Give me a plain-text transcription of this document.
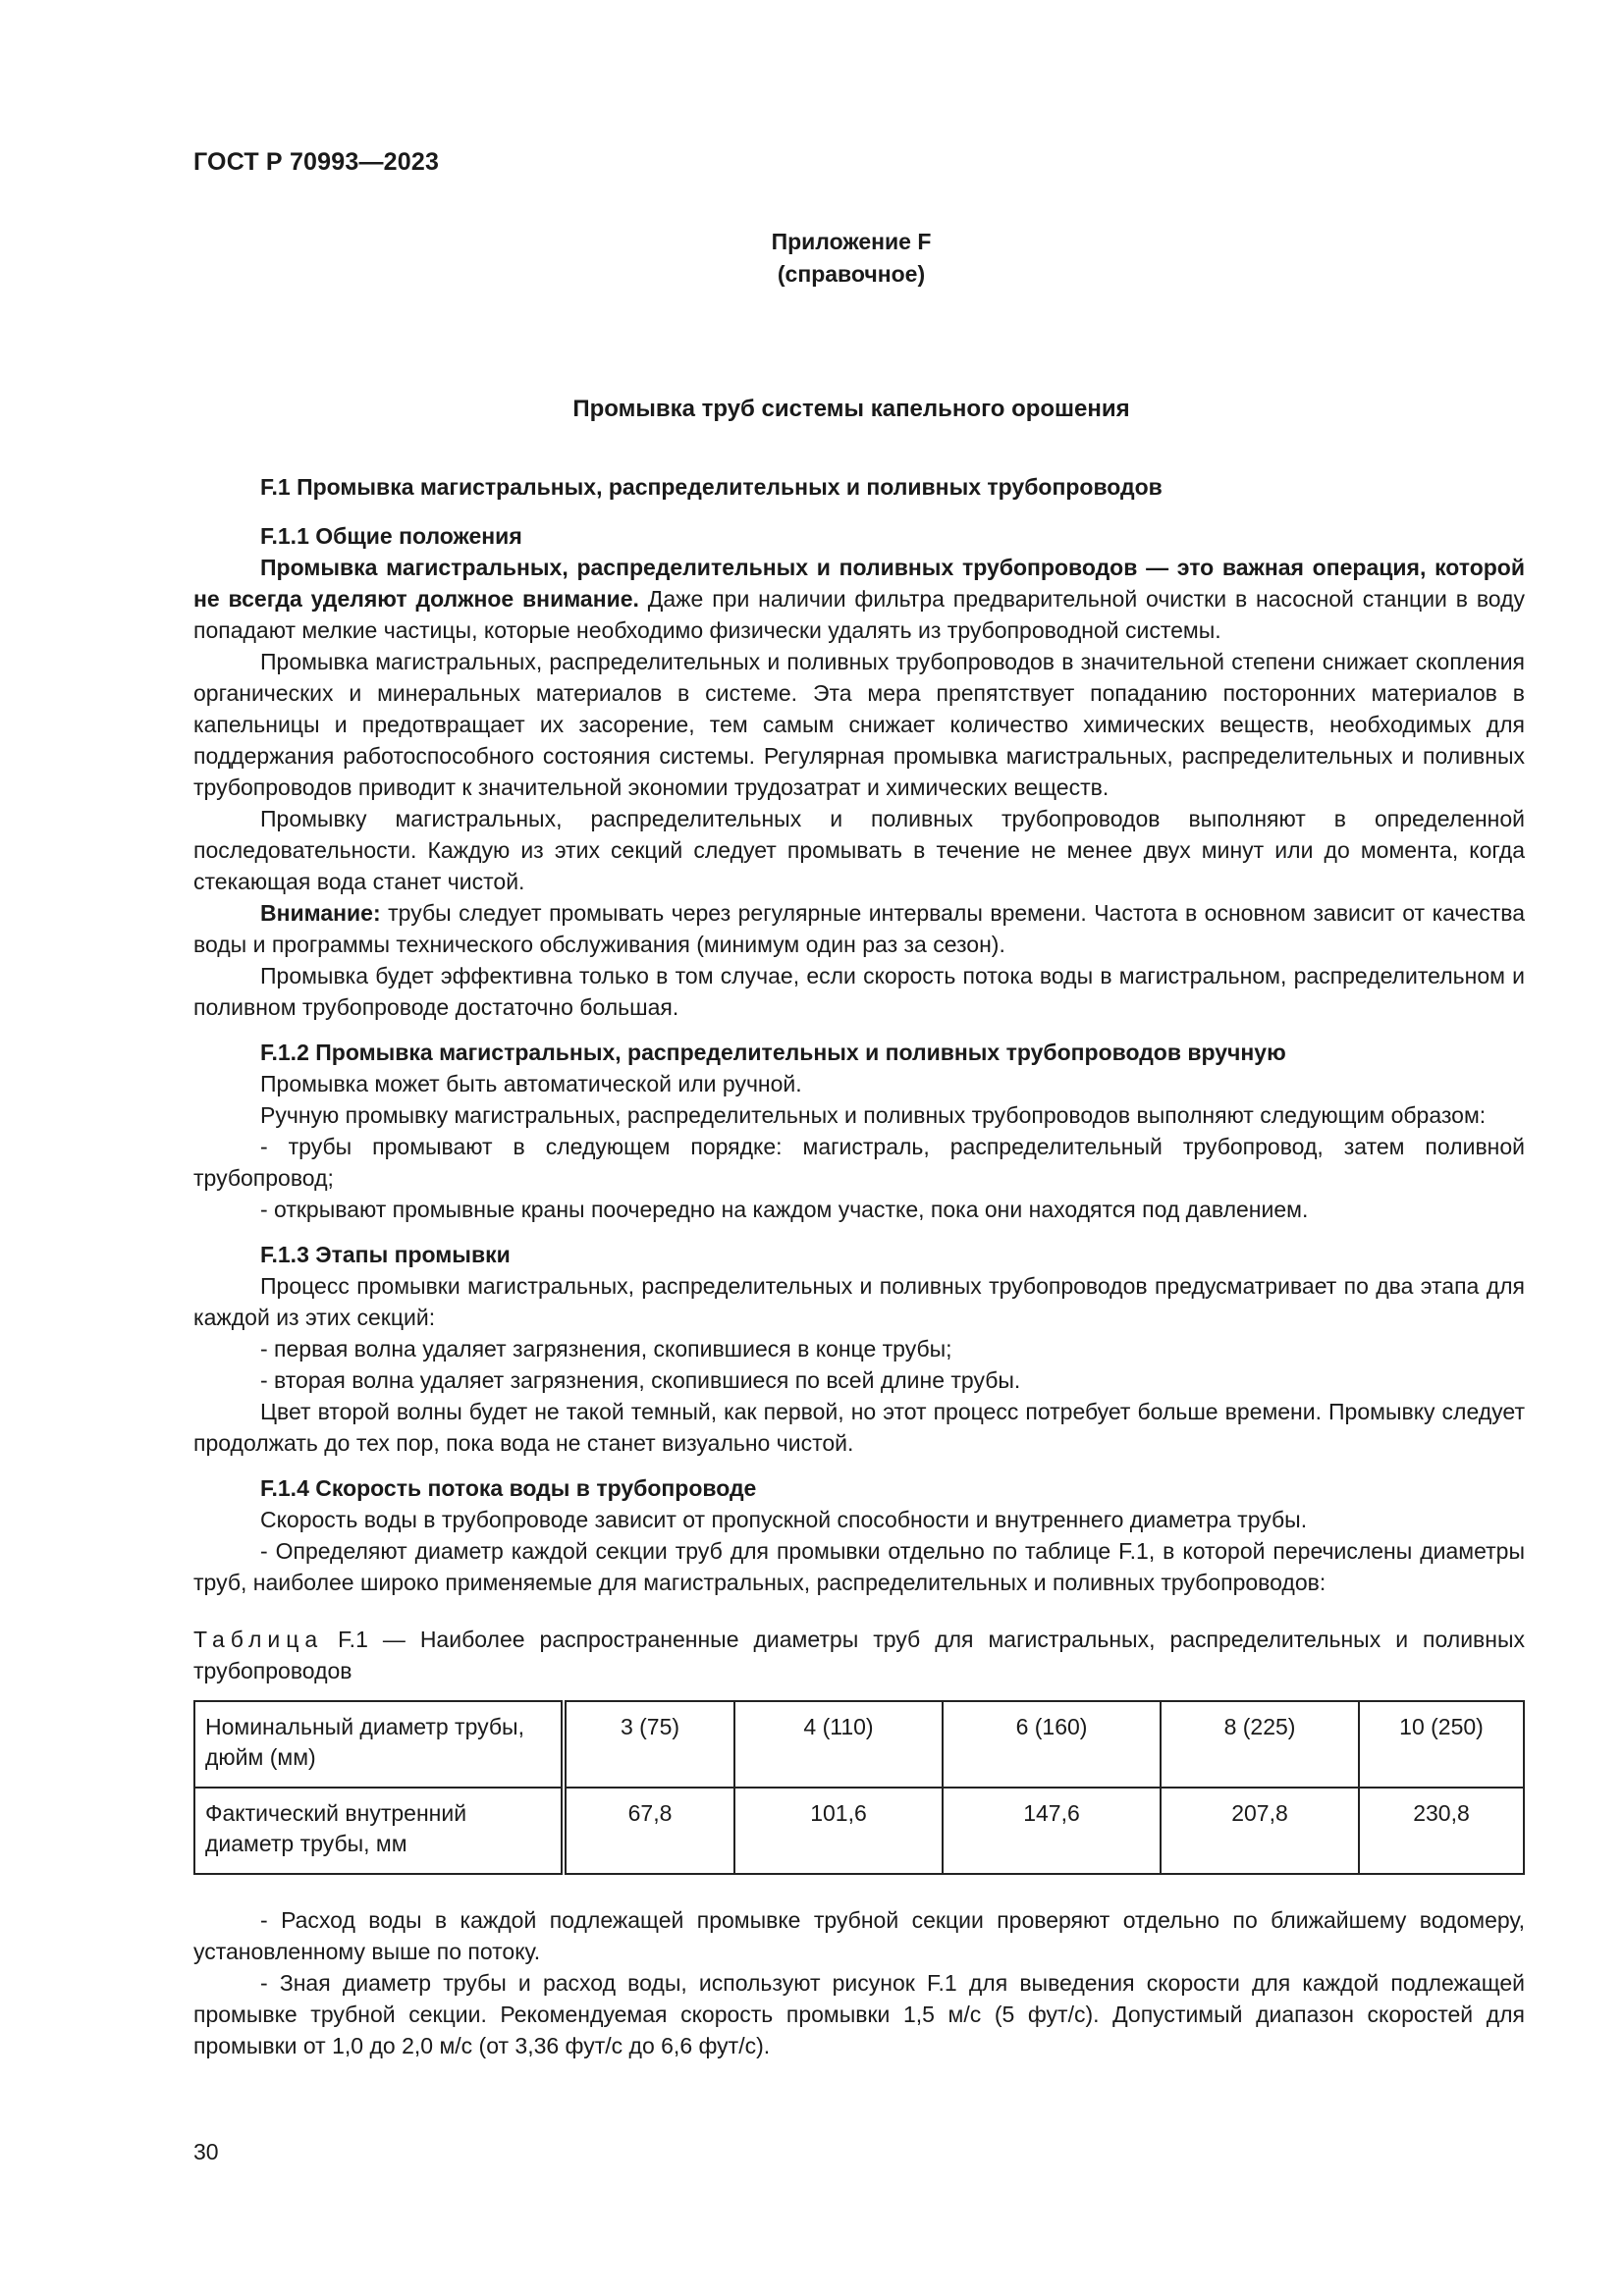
ГОСТ Р 70993—2023
Приложение F
(справочное)
Промывка труб системы капельного орошения

F.1 Промывка магистральных, распределительных и поливных трубопроводов

F.1.1 Общие положения

Промывка магистральных, распределительных и поливных трубопроводов — это важная операция, которой не всегда уделяют должное внимание. Даже при наличии фильтра предварительной очистки в насосной станции в воду попадают мелкие частицы, которые необходимо физически удалять из трубопроводной системы.

Промывка магистральных, распределительных и поливных трубопроводов в значительной степени снижает скопления органических и минеральных материалов в системе. Эта мера препятствует попаданию посторонних материалов в капельницы и предотвращает их засорение, тем самым снижает количество химических веществ, необходимых для поддержания работоспособного состояния системы. Регулярная промывка магистральных, распределительных и поливных трубопроводов приводит к значительной экономии трудозатрат и химических веществ.

Промывку магистральных, распределительных и поливных трубопроводов выполняют в определенной последовательности. Каждую из этих секций следует промывать в течение не менее двух минут или до момента, когда стекающая вода станет чистой.

Внимание: трубы следует промывать через регулярные интервалы времени. Частота в основном зависит от качества воды и программы технического обслуживания (минимум один раз за сезон).

Промывка будет эффективна только в том случае, если скорость потока воды в магистральном, распределительном и поливном трубопроводе достаточно большая.

F.1.2 Промывка магистральных, распределительных и поливных трубопроводов вручную

Промывка может быть автоматической или ручной.

Ручную промывку магистральных, распределительных и поливных трубопроводов выполняют следующим образом:

- трубы промывают в следующем порядке: магистраль, распределительный трубопровод, затем поливной трубопровод;

- открывают промывные краны поочередно на каждом участке, пока они находятся под давлением.

F.1.3 Этапы промывки

Процесс промывки магистральных, распределительных и поливных трубопроводов предусматривает по два этапа для каждой из этих секций:

- первая волна удаляет загрязнения, скопившиеся в конце трубы;

- вторая волна удаляет загрязнения, скопившиеся по всей длине трубы.

Цвет второй волны будет не такой темный, как первой, но этот процесс потребует больше времени. Промывку следует продолжать до тех пор, пока вода не станет визуально чистой.

F.1.4 Скорость потока воды в трубопроводе

Скорость воды в трубопроводе зависит от пропускной способности и внутреннего диаметра трубы.

- Определяют диаметр каждой секции труб для промывки отдельно по таблице F.1, в которой перечислены диаметры труб, наиболее широко применяемые для магистральных, распределительных и поливных трубопроводов:

Таблица F.1 — Наиболее распространенные диаметры труб для магистральных, распределительных и поливных трубопроводов

Номинальный диаметр трубы, дюйм (мм)	3 (75)	4 (110)	6 (160)	8 (225)	10 (250)
Фактический внутренний диаметр трубы, мм	67,8	101,6	147,6	207,8	230,8

- Расход воды в каждой подлежащей промывке трубной секции проверяют отдельно по ближайшему водомеру, установленному выше по потоку.

- Зная диаметр трубы и расход воды, используют рисунок F.1 для выведения скорости для каждой подлежащей промывке трубной секции. Рекомендуемая скорость промывки 1,5 м/с (5 фут/с). Допустимый диапазон скоростей для промывки от 1,0 до 2,0 м/с (от 3,36 фут/с до 6,6 фут/с).

30
